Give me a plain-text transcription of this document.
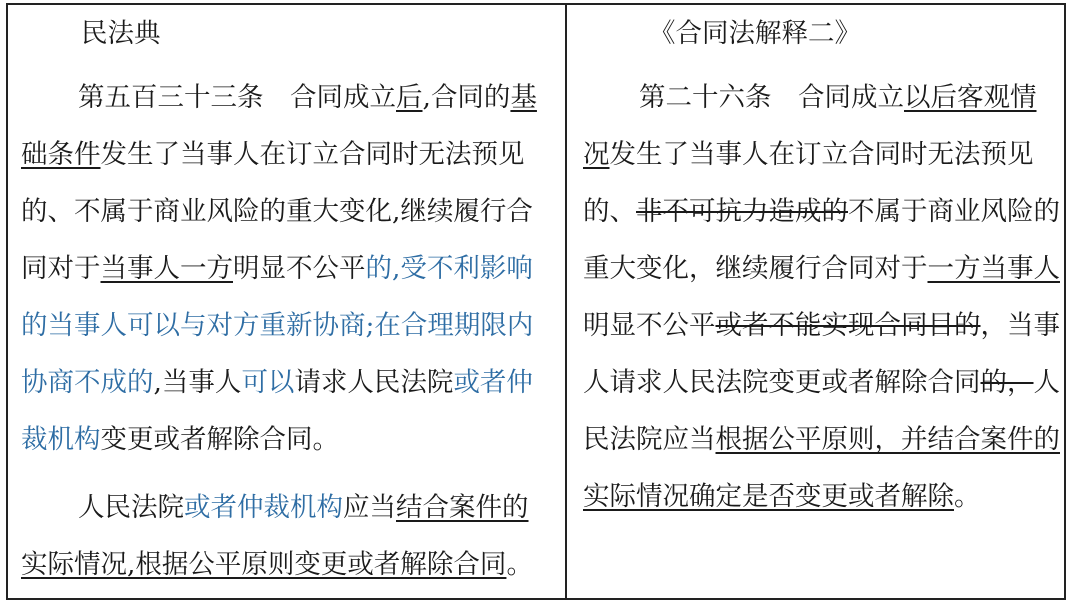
民法典
第五百三十三条　合同成立后,合同的基
础条件发生了当事人在订立合同时无法预见
的、不属于商业风险的重大变化,继续履行合
同对于当事人一方明显不公平的,受不利影响
的当事人可以与对方重新协商;在合理期限内
协商不成的,当事人可以请求人民法院或者仲
裁机构变更或者解除合同。
人民法院或者仲裁机构应当结合案件的
实际情况,根据公平原则变更或者解除合同。
《合同法解释二》
第二十六条　合同成立以后客观情
况发生了当事人在订立合同时无法预见
的、非不可抗力造成的不属于商业风险的
重大变化，继续履行合同对于一方当事人
明显不公平或者不能实现合同目的，当事
人请求人民法院变更或者解除合同的，人
民法院应当根据公平原则，并结合案件的
实际情况确定是否变更或者解除。
